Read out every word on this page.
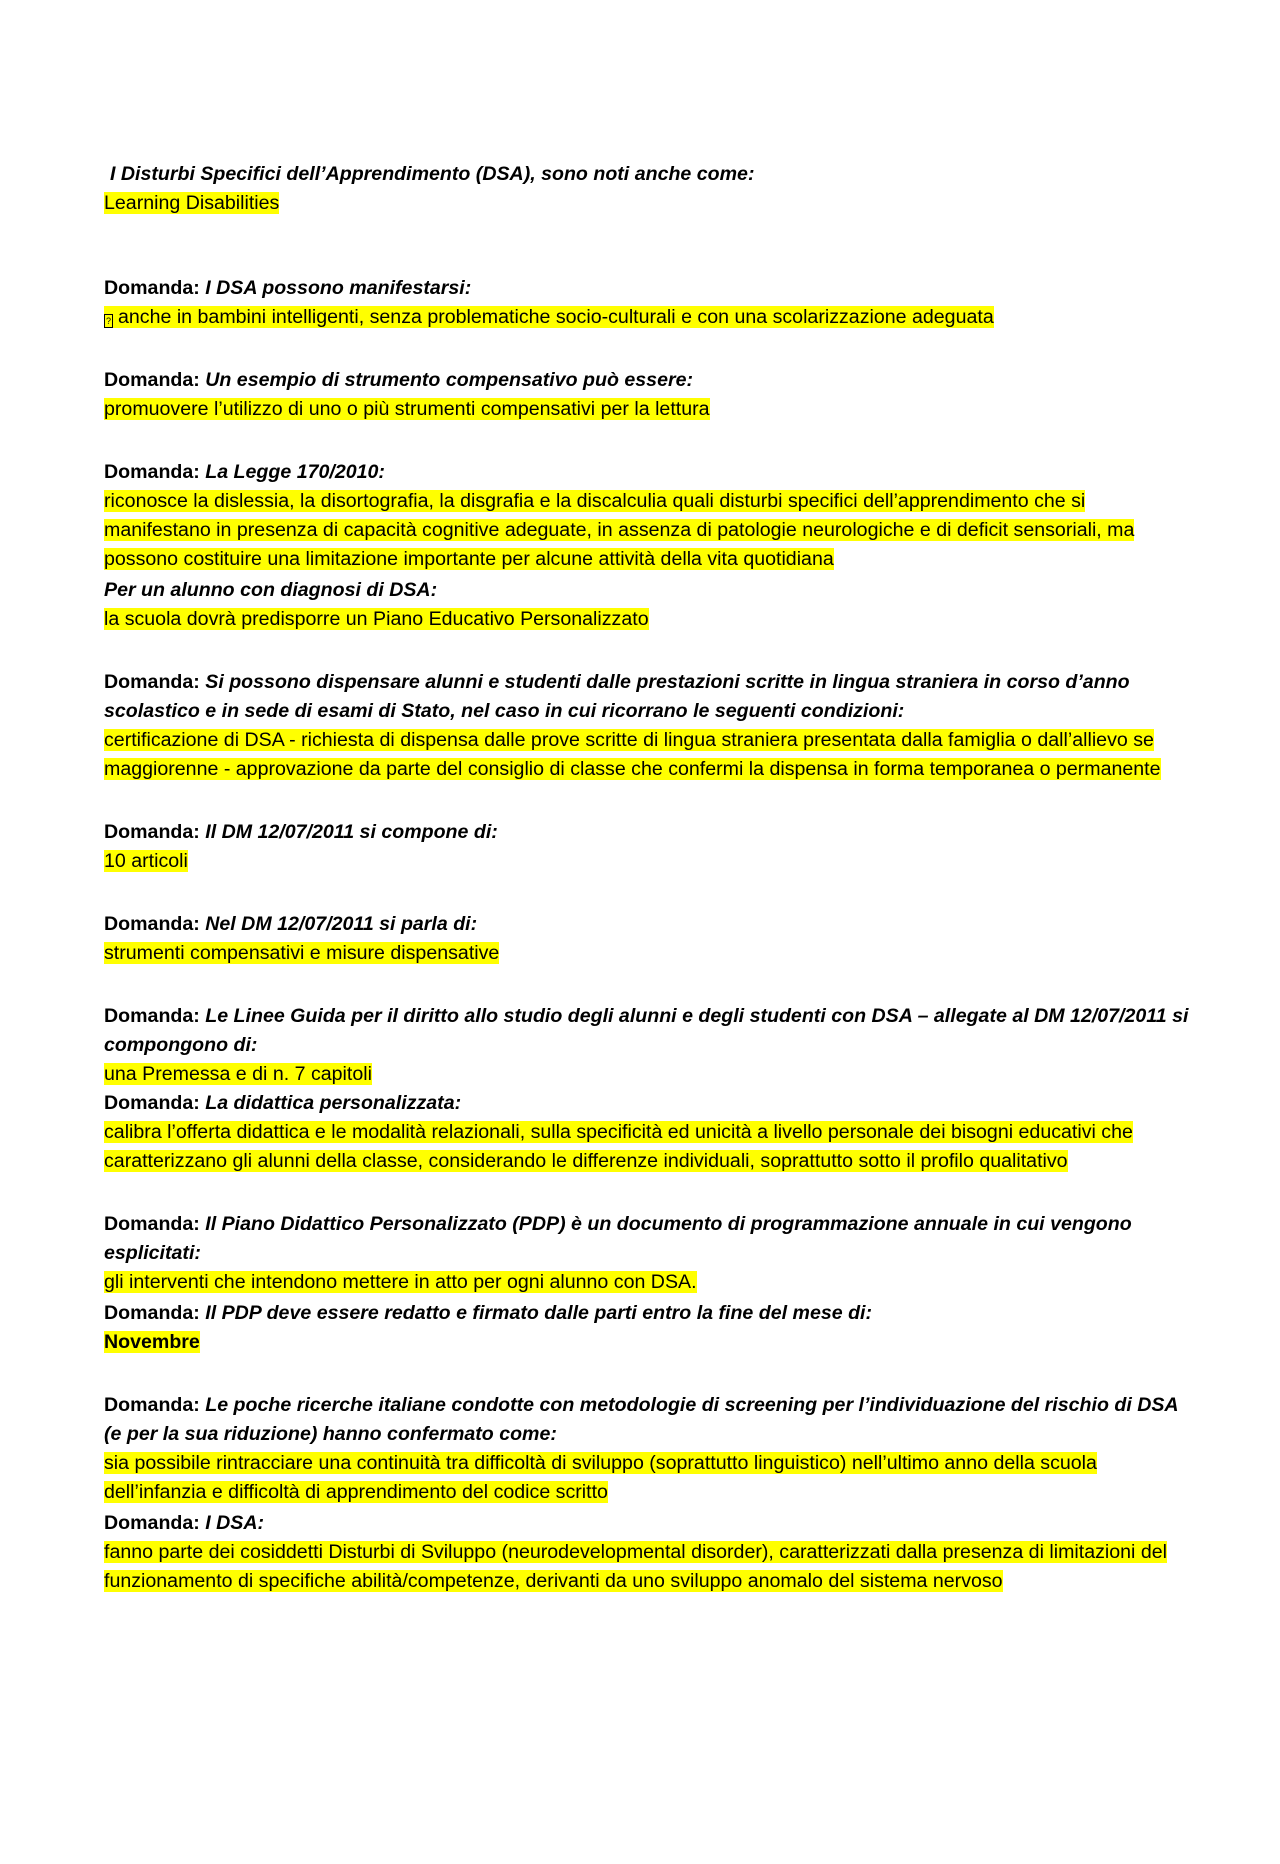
I Disturbi Specifici dell’Apprendimento (DSA), sono noti anche come:

Learning Disabilities

Domanda: I DSA possono manifestarsi:

? anche in bambini intelligenti, senza problematiche socio-culturali e con una scolarizzazione adeguata

Domanda: Un esempio di strumento compensativo può essere:

promuovere l’utilizzo di uno o più strumenti compensativi per la lettura

Domanda: La Legge 170/2010:

riconosce la dislessia, la disortografia, la disgrafia e la discalculia quali disturbi specifici dell’apprendimento che si manifestano in presenza di capacità cognitive adeguate, in assenza di patologie neurologiche e di deficit sensoriali, ma possono costituire una limitazione importante per alcune attività della vita quotidiana

Per un alunno con diagnosi di DSA:

la scuola dovrà predisporre un Piano Educativo Personalizzato

Domanda: Si possono dispensare alunni e studenti dalle prestazioni scritte in lingua straniera in corso d’anno scolastico e in sede di esami di Stato, nel caso in cui ricorrano le seguenti condizioni:

certificazione di DSA - richiesta di dispensa dalle prove scritte di lingua straniera presentata dalla famiglia o dall’allievo se maggiorenne - approvazione da parte del consiglio di classe che confermi la dispensa in forma temporanea o permanente

Domanda: Il DM 12/07/2011 si compone di:

10 articoli

Domanda: Nel DM 12/07/2011 si parla di:

strumenti compensativi e misure dispensative

Domanda: Le Linee Guida per il diritto allo studio degli alunni e degli studenti con DSA – allegate al DM 12/07/2011 si compongono di:

una Premessa e di n. 7 capitoli

Domanda: La didattica personalizzata:

calibra l’offerta didattica e le modalità relazionali, sulla specificità ed unicità a livello personale dei bisogni educativi che caratterizzano gli alunni della classe, considerando le differenze individuali, soprattutto sotto il profilo qualitativo

Domanda: Il Piano Didattico Personalizzato (PDP) è un documento di programmazione annuale in cui vengono esplicitati:

gli interventi che intendono mettere in atto per ogni alunno con DSA.

Domanda: Il PDP deve essere redatto e firmato dalle parti entro la fine del mese di:

Novembre

Domanda: Le poche ricerche italiane condotte con metodologie di screening per l’individuazione del rischio di DSA (e per la sua riduzione) hanno confermato come:

sia possibile rintracciare una continuità tra difficoltà di sviluppo (soprattutto linguistico) nell’ultimo anno della scuola dell’infanzia e difficoltà di apprendimento del codice scritto

Domanda: I DSA:

fanno parte dei cosiddetti Disturbi di Sviluppo (neurodevelopmental disorder), caratterizzati dalla presenza di limitazioni del funzionamento di specifiche abilità/competenze, derivanti da uno sviluppo anomalo del sistema nervoso
